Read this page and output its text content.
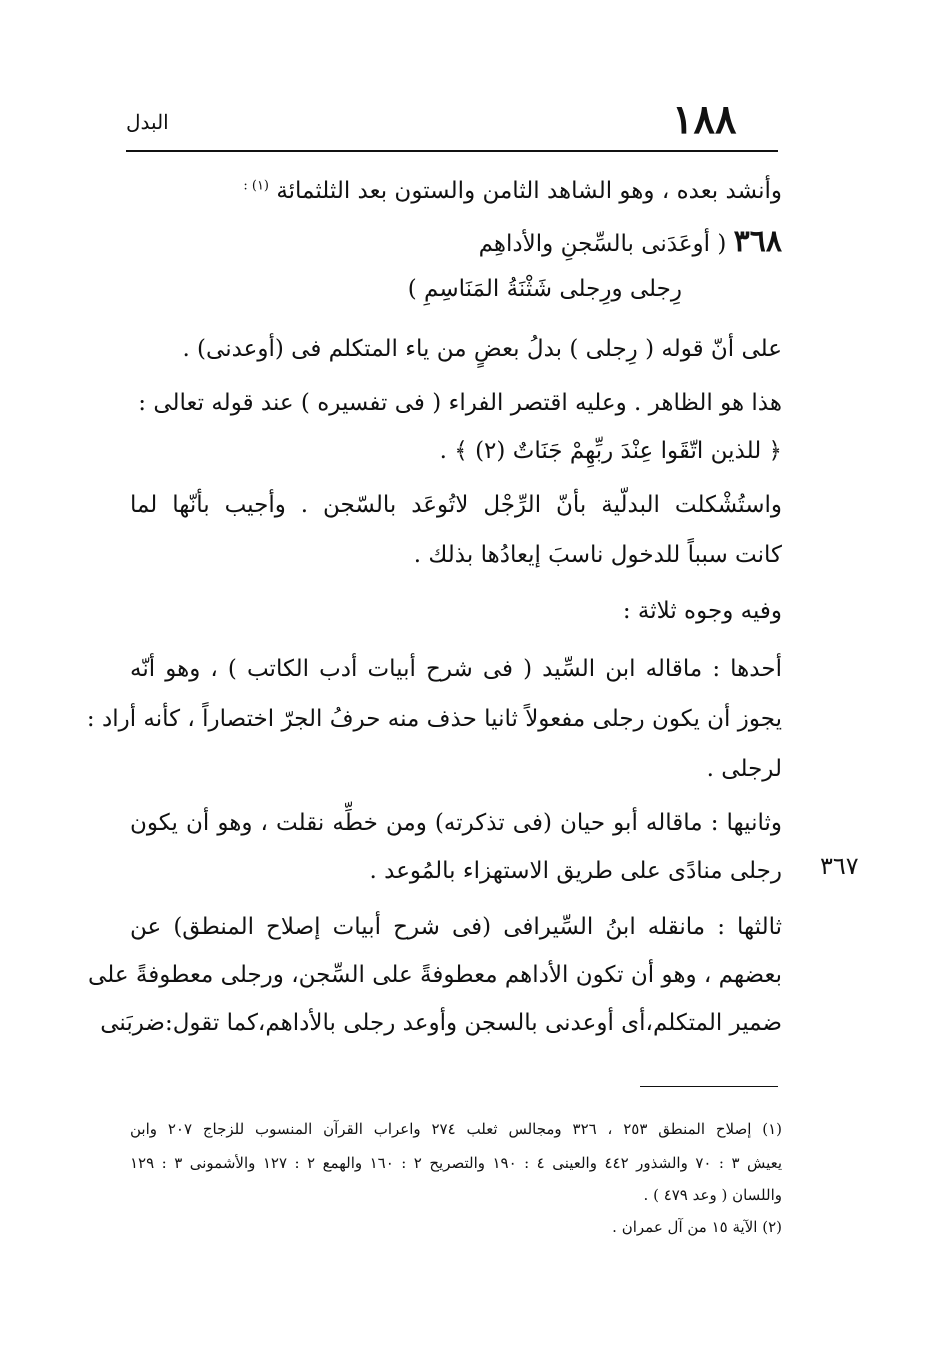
١٨٨
البدل
وأنشد بعده ، وهو الشاهد الثامن والستون بعد الثلثمائة $^{(١) :}$
٣٦٨ ( أوعَدَنى بالسِّجنِ والأداهِم
رِجلى ورِجلى شَثْنَةُ المَنَاسِمِ )
على أنّ قوله ( رِجلى ) بدلُ بعضٍ من ياء المتكلم فى (أوعدنى) .
هذا هو الظاهر . وعليه اقتصر الفراء ( فى تفسيره ) عند قوله تعالى :
﴿ للذين اتّقَوا عِنْدَ ربِّهِمْ جَنَاتٌ (٢) ﴾ .
واستُشْكلت البدلّية بأنّ الرِّجْل لاتُوعَد بالسّجن . وأجيب بأنّها لما
كانت سبباً للدخول ناسبَ إيعادُها بذلك .
وفيه وجوه ثلاثة :
أحدها : ماقاله ابن السِّيد ( فى شرح أبيات أدب الكاتب ) ، وهو أنّه
يجوز أن يكون رجلى مفعولاً ثانيا حذف منه حرفُ الجرّ اختصاراً ، كأنه أراد :
لرجلى .
وثانيها : ماقاله أبو حيان (فى تذكرته) ومن خطِّه نقلت ، وهو أن يكون
رجلى منادًى على طريق الاستهزاء بالمُوعد . ٣٦٧
ثالثها : مانقله ابنُ السِّيرافى (فى شرح أبيات إصلاح المنطق) عن
بعضهم ، وهو أن تكون الأداهم معطوفةً على السِّجن، ورجلى معطوفةً على
ضمير المتكلم،أى أوعدنى بالسجن وأوعد رجلى بالأداهم،كما تقول:ضربَنى
(١) إصلاح المنطق ٢٥٣ ، ٣٢٦ ومجالس ثعلب ٢٧٤ واعراب القرآن المنسوب للزجاج ٢٠٧ وابن
يعيش ٣ : ٧٠ والشذور ٤٤٢ والعينى ٤ : ١٩٠ والتصريح ٢ : ١٦٠ والهمع ٢ : ١٢٧ والأشمونى ٣ : ١٢٩
واللسان ( وعد ٤٧٩ ) .
(٢) الآية ١٥ من آل عمران .
